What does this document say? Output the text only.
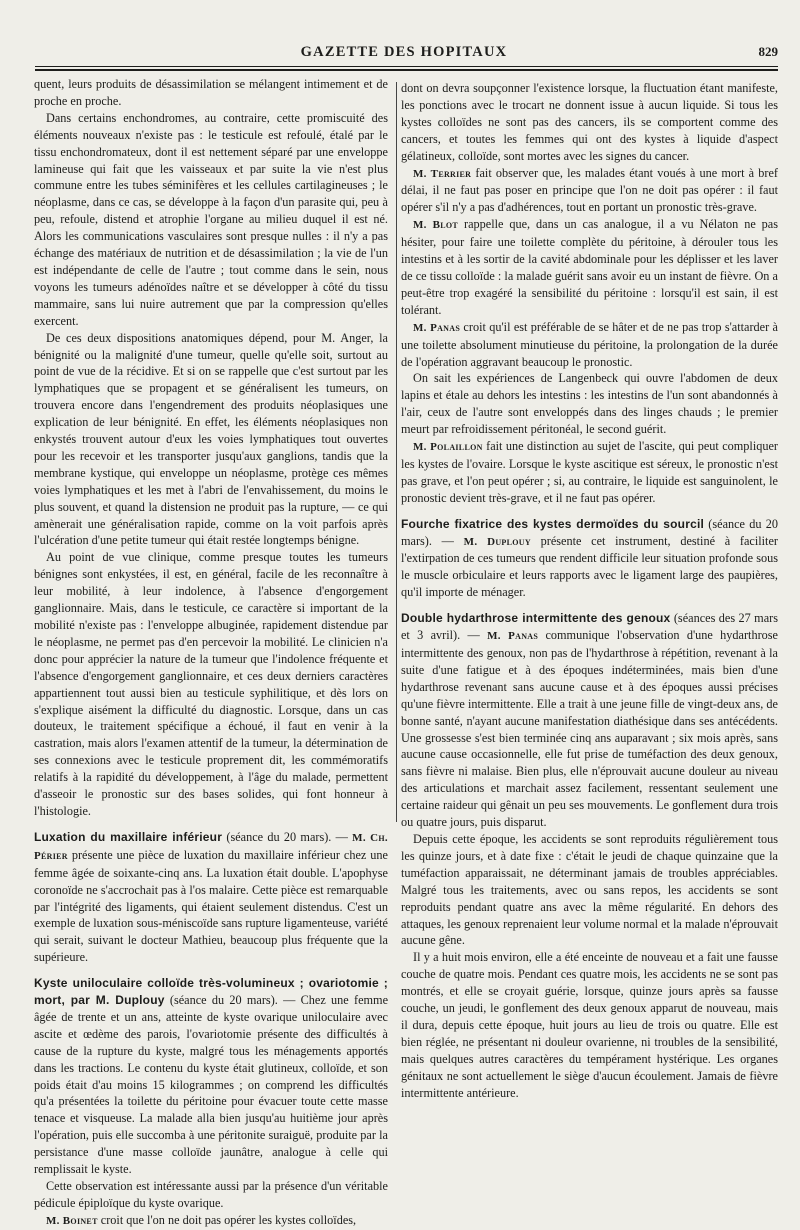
GAZETTE DES HOPITAUX	829

quent, leurs produits de désassimilation se mélangent intimement et de proche en proche.

Dans certains enchondromes, au contraire, cette promiscuité des éléments nouveaux n'existe pas : le testicule est refoulé, étalé par le tissu enchondromateux, dont il est nettement séparé par une enveloppe lamineuse qui fait que les vaisseaux et par suite la vie n'est plus commune entre les tubes séminifères et les cellules cartilagineuses ; le néoplasme, dans ce cas, se développe à la façon d'un parasite qui, peu à peu, refoule, distend et atrophie l'organe au milieu duquel il est né. Alors les communications vasculaires sont presque nulles : il n'y a pas échange des matériaux de nutrition et de désassimilation ; la vie de l'un est indépendante de celle de l'autre ; tout comme dans le sein, nous voyons les tumeurs adénoïdes naître et se développer à côté du tissu mammaire, sans lui nuire autrement que par la compression qu'elles exercent.

De ces deux dispositions anatomiques dépend, pour M. Anger, la bénignité ou la malignité d'une tumeur, quelle qu'elle soit, surtout au point de vue de la récidive. Et si on se rappelle que c'est surtout par les lymphatiques que se propagent et se généralisent les tumeurs, on trouvera encore dans l'engendrement des produits néoplasiques une explication de leur bénignité. En effet, les éléments néoplasiques non enkystés trouvent autour d'eux les voies lymphatiques tout ouvertes pour les recevoir et les transporter jusqu'aux ganglions, tandis que la membrane kystique, qui enveloppe un néoplasme, protège ces mêmes voies lymphatiques et les met à l'abri de l'envahissement, du moins le plus souvent, et quand la distension ne produit pas la rupture, — ce qui amènerait une généralisation rapide, comme on la voit parfois après l'ulcération d'une petite tumeur qui était restée longtemps bénigne.

Au point de vue clinique, comme presque toutes les tumeurs bénignes sont enkystées, il est, en général, facile de les reconnaître à leur mobilité, à leur indolence, à l'absence d'engorgement ganglionnaire. Mais, dans le testicule, ce caractère si important de la mobilité n'existe pas : l'enveloppe albuginée, rapidement distendue par le néoplasme, ne permet pas d'en percevoir la mobilité. Le clinicien n'a donc pour apprécier la nature de la tumeur que l'indolence fréquente et l'absence d'engorgement ganglionnaire, et ces deux derniers caractères appartiennent tout aussi bien au testicule syphilitique, et dès lors on s'explique aisément la difficulté du diagnostic. Lorsque, dans un cas douteux, le traitement spécifique a échoué, il faut en venir à la castration, mais alors l'examen attentif de la tumeur, la détermination de ses connexions avec le testicule proprement dit, les commémoratifs relatifs à la rapidité du développement, à l'âge du malade, permettent d'asseoir le pronostic sur des bases solides, qui font honneur à l'histologie.

Luxation du maxillaire inférieur (séance du 20 mars). — M. Ch. Périer présente une pièce de luxation du maxillaire inférieur chez une femme âgée de soixante-cinq ans. La luxation était double. L'apophyse coronoïde ne s'accrochait pas à l'os malaire. Cette pièce est remarquable par l'intégrité des ligaments, qui étaient seulement distendus. C'est un exemple de luxation sous-méniscoïde sans rupture ligamenteuse, variété qui serait, suivant le docteur Mathieu, beaucoup plus fréquente que la supérieure.

Kyste uniloculaire colloïde très-volumineux ; ovariotomie ; mort, par M. Duplouy (séance du 20 mars). — Chez une femme âgée de trente et un ans, atteinte de kyste ovarique uniloculaire avec ascite et œdème des parois, l'ovariotomie présente des difficultés à cause de la rupture du kyste, malgré tous les ménagements apportés dans les tractions. Le contenu du kyste était glutineux, colloïde, et son poids était d'au moins 15 kilogrammes ; on comprend les difficultés qu'a présentées la toilette du péritoine pour évacuer toute cette masse tenace et visqueuse. La malade alla bien jusqu'au huitième jour après l'opération, puis elle succomba à une péritonite suraiguë, produite par la persistance d'une masse colloïde jaunâtre, analogue à celle qui remplissait le kyste.

Cette observation est intéressante aussi par la présence d'un véritable pédicule épiploïque du kyste ovarique.

M. Boinet croit que l'on ne doit pas opérer les kystes colloïdes,

dont on devra soupçonner l'existence lorsque, la fluctuation étant manifeste, les ponctions avec le trocart ne donnent issue à aucun liquide. Si tous les kystes colloïdes ne sont pas des cancers, ils se comportent comme des cancers, et toutes les femmes qui ont des kystes à liquide d'aspect gélatineux, colloïde, sont mortes avec les signes du cancer.

M. Terrier fait observer que, les malades étant voués à une mort à bref délai, il ne faut pas poser en principe que l'on ne doit pas opérer : il faut opérer s'il n'y a pas d'adhérences, tout en portant un pronostic très-grave.

M. Blot rappelle que, dans un cas analogue, il a vu Nélaton ne pas hésiter, pour faire une toilette complète du péritoine, à dérouler tous les intestins et à les sortir de la cavité abdominale pour les déplisser et les laver de ce tissu colloïde : la malade guérit sans avoir eu un instant de fièvre. On a peut-être trop exagéré la sensibilité du péritoine : lorsqu'il est sain, il est tolérant.

M. Panas croit qu'il est préférable de se hâter et de ne pas trop s'attarder à une toilette absolument minutieuse du péritoine, la prolongation de la durée de l'opération aggravant beaucoup le pronostic.

On sait les expériences de Langenbeck qui ouvre l'abdomen de deux lapins et étale au dehors les intestins : les intestins de l'un sont abandonnés à l'air, ceux de l'autre sont enveloppés dans des linges chauds ; le premier meurt par refroidissement péritonéal, le second guérit.

M. Polaillon fait une distinction au sujet de l'ascite, qui peut compliquer les kystes de l'ovaire. Lorsque le kyste ascitique est séreux, le pronostic n'est pas grave, et l'on peut opérer ; si, au contraire, le liquide est sanguinolent, le pronostic devient très-grave, et il ne faut pas opérer.

Fourche fixatrice des kystes dermoïdes du sourcil (séance du 20 mars). — M. Duplouy présente cet instrument, destiné à faciliter l'extirpation de ces tumeurs que rendent difficile leur situation profonde sous le muscle orbiculaire et leurs rapports avec le ligament large des paupières, qu'il importe de ménager.

Double hydarthrose intermittente des genoux (séances des 27 mars et 3 avril). — M. Panas communique l'observation d'une hydarthrose intermittente des genoux, non pas de l'hydarthrose à répétition, revenant à la suite d'une fatigue et à des époques indéterminées, mais bien d'une hydarthrose revenant sans aucune cause et à des époques aussi précises qu'une fièvre intermittente. Elle a trait à une jeune fille de vingt-deux ans, de bonne santé, n'ayant aucune manifestation diathésique dans ses antécédents. Une grossesse s'est bien terminée cinq ans auparavant ; six mois après, sans aucune cause occasionnelle, elle fut prise de tuméfaction des deux genoux, sans fièvre ni malaise. Bien plus, elle n'éprouvait aucune douleur au niveau des articulations et marchait assez facilement, ressentant seulement une certaine raideur qui gênait un peu ses mouvements. Le gonflement dura trois ou quatre jours, puis disparut.

Depuis cette époque, les accidents se sont reproduits régulièrement tous les quinze jours, et à date fixe : c'était le jeudi de chaque quinzaine que la tuméfaction apparaissait, ne déterminant jamais de troubles appréciables. Malgré tous les traitements, avec ou sans repos, les accidents se sont reproduits pendant quatre ans avec la même régularité. En dehors des attaques, les genoux reprenaient leur volume normal et la malade n'éprouvait aucune gêne.

Il y a huit mois environ, elle a été enceinte de nouveau et a fait une fausse couche de quatre mois. Pendant ces quatre mois, les accidents ne se sont pas montrés, et elle se croyait guérie, lorsque, quinze jours après sa fausse couche, un jeudi, le gonflement des deux genoux apparut de nouveau, mais il dura, depuis cette époque, huit jours au lieu de trois ou quatre. Elle est bien réglée, ne présentant ni douleur ovarienne, ni troubles de la sensibilité, mais quelques autres caractères du tempérament hystérique. Les organes génitaux ne sont actuellement le siège d'aucun écoulement. Jamais de fièvre intermittente antérieure.
